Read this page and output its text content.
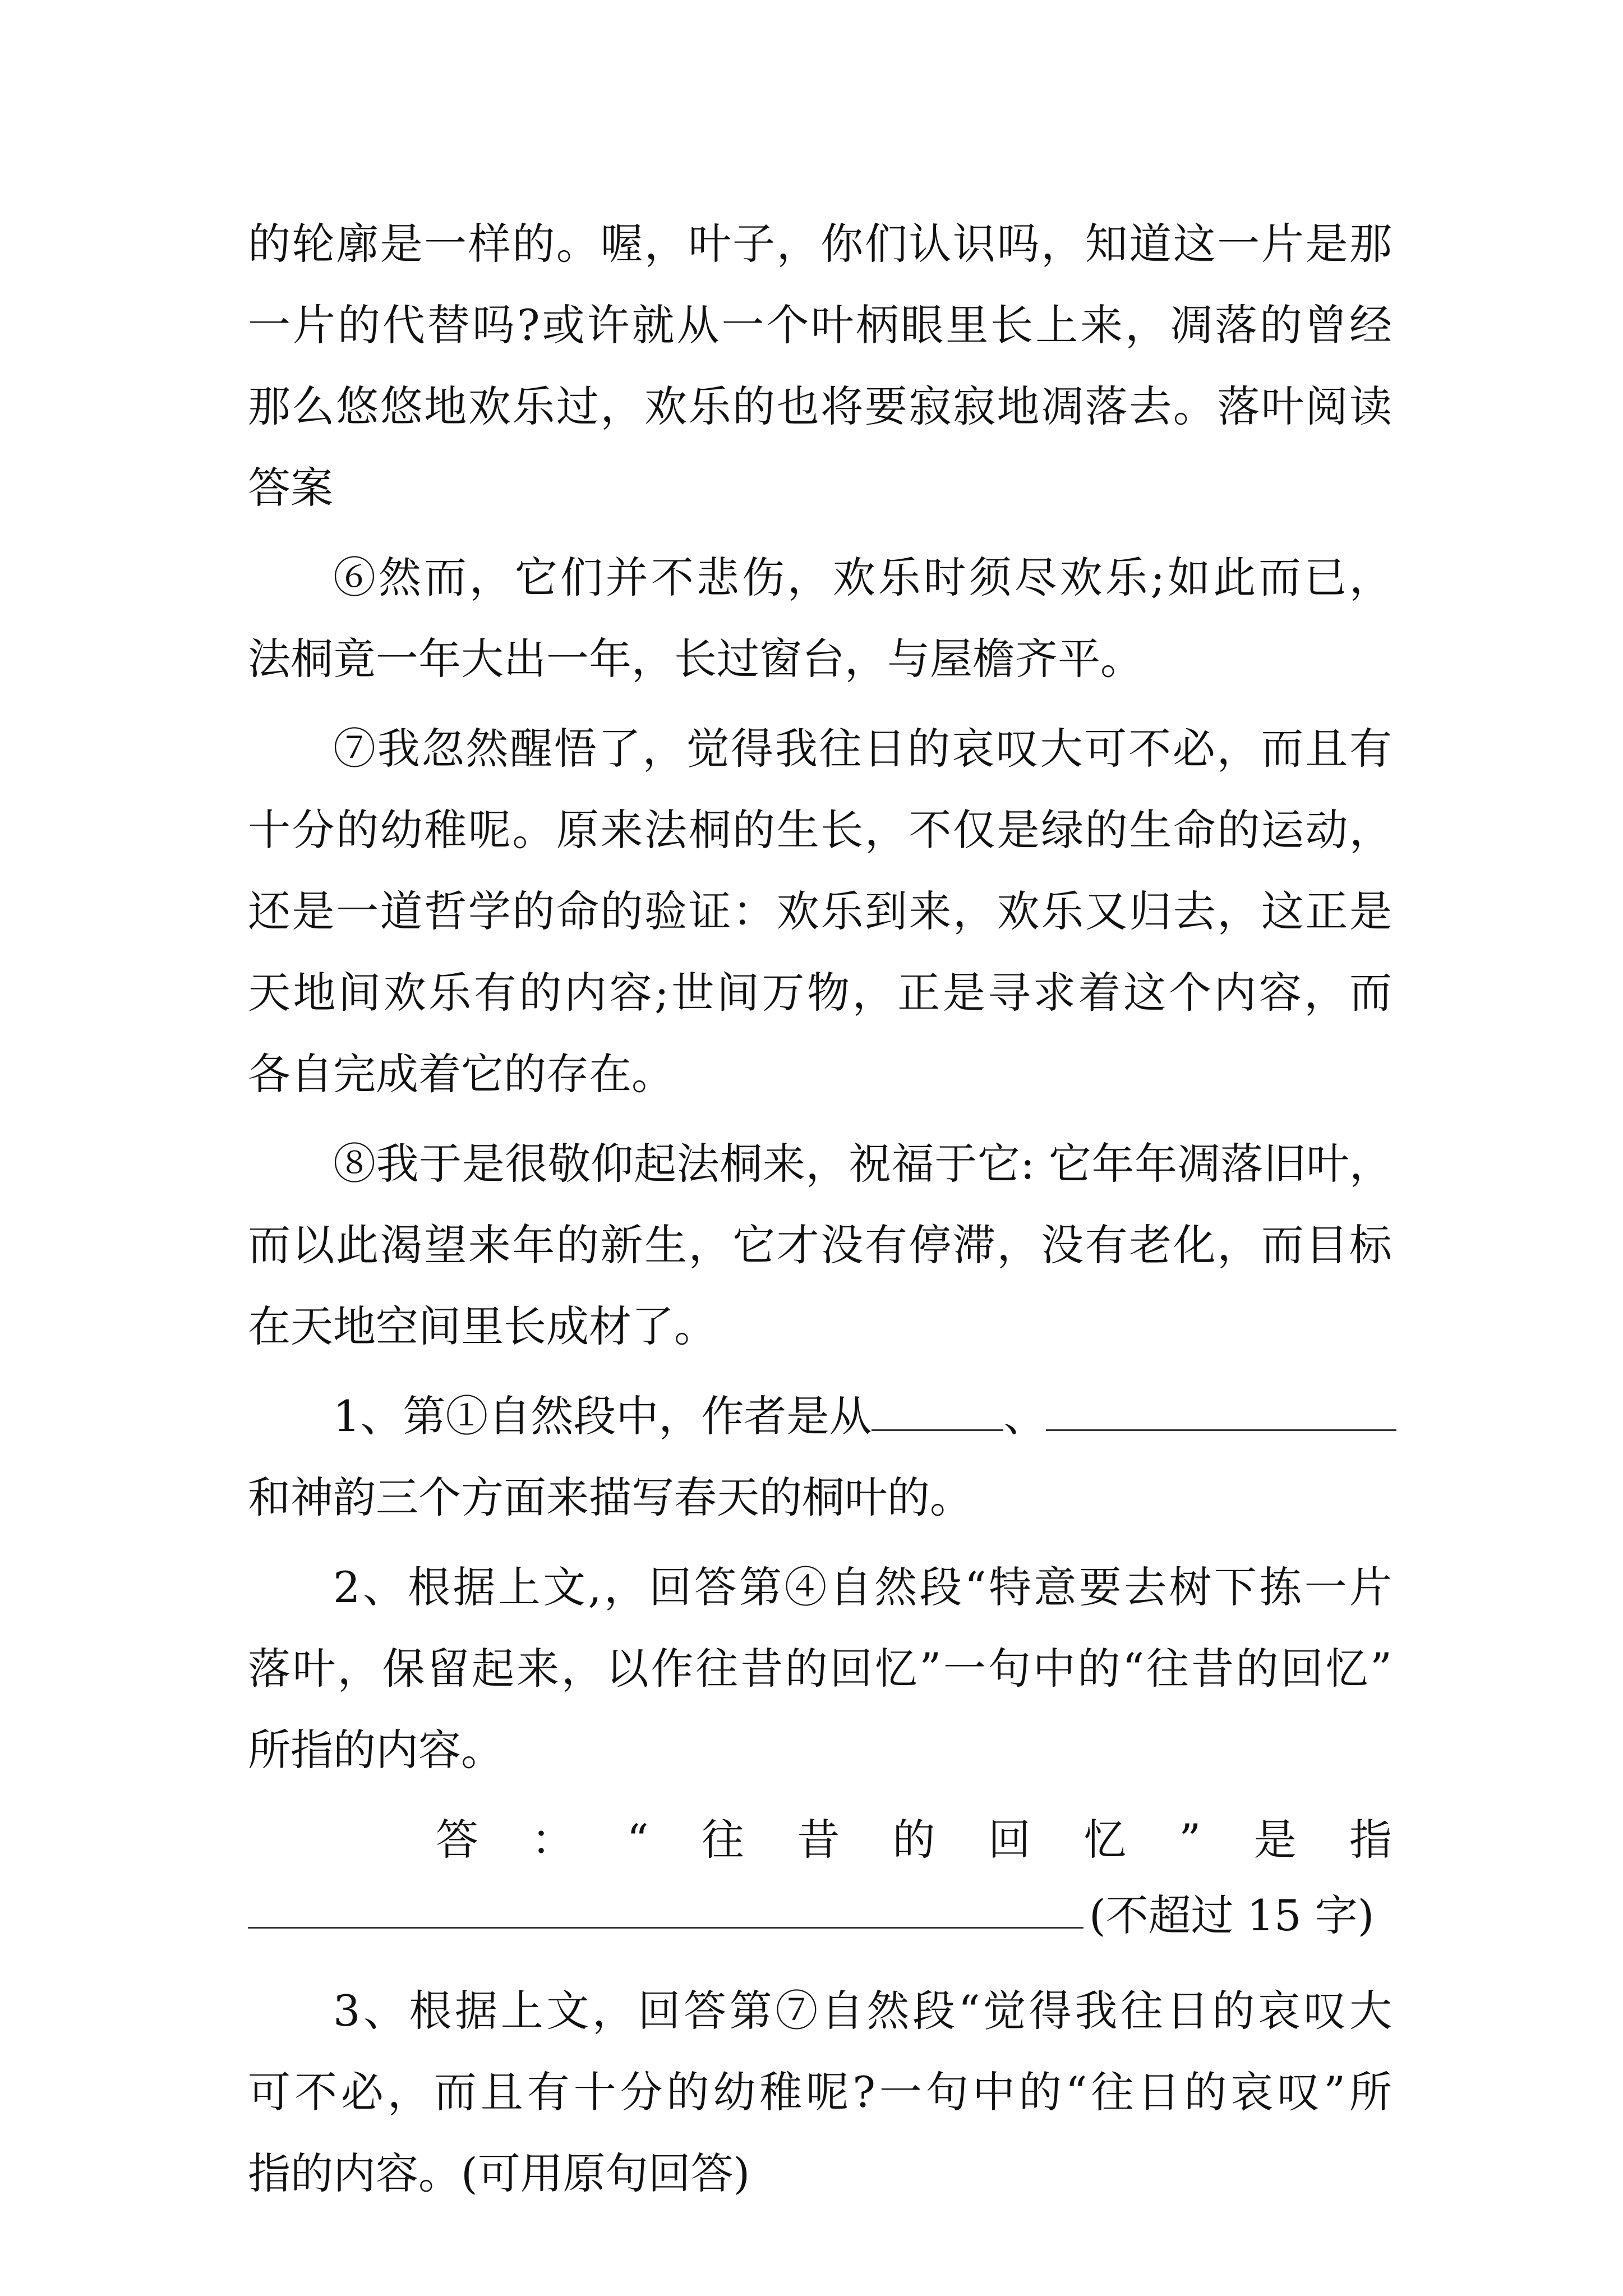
的轮廓是一样的。喔，叶子，你们认识吗，知道这一片是那
一片的代替吗?或许就从一个叶柄眼里长上来，凋落的曾经
那么悠悠地欢乐过，欢乐的也将要寂寂地凋落去。落叶阅读
答案
⑥然而，它们并不悲伤，欢乐时须尽欢乐;如此而已，
法桐竟一年大出一年，长过窗台，与屋檐齐平。
⑦我忽然醒悟了，觉得我往日的哀叹大可不必，而且有
十分的幼稚呢。原来法桐的生长，不仅是绿的生命的运动，
还是一道哲学的命的验证：欢乐到来，欢乐又归去，这正是
天地间欢乐有的内容;世间万物，正是寻求着这个内容，而
各自完成着它的存在。
⑧我于是很敬仰起法桐来，祝福于它: 它年年凋落旧叶，
而以此渴望来年的新生，它才没有停滞，没有老化，而目标
在天地空间里长成材了。
1、第①自然段中，作者是从	、
和神韵三个方面来描写春天的桐叶的。
2、根据上文,，回答第④自然段“特意要去树下拣一片
落叶，保留起来，以作往昔的回忆”一句中的“往昔的回忆”
所指的内容。
答：“往昔的回忆”是指
(不超过 15 字)
3、根据上文，回答第⑦自然段“觉得我往日的哀叹大
可不必，而且有十分的幼稚呢?一句中的“往日的哀叹”所
指的内容。(可用原句回答)
